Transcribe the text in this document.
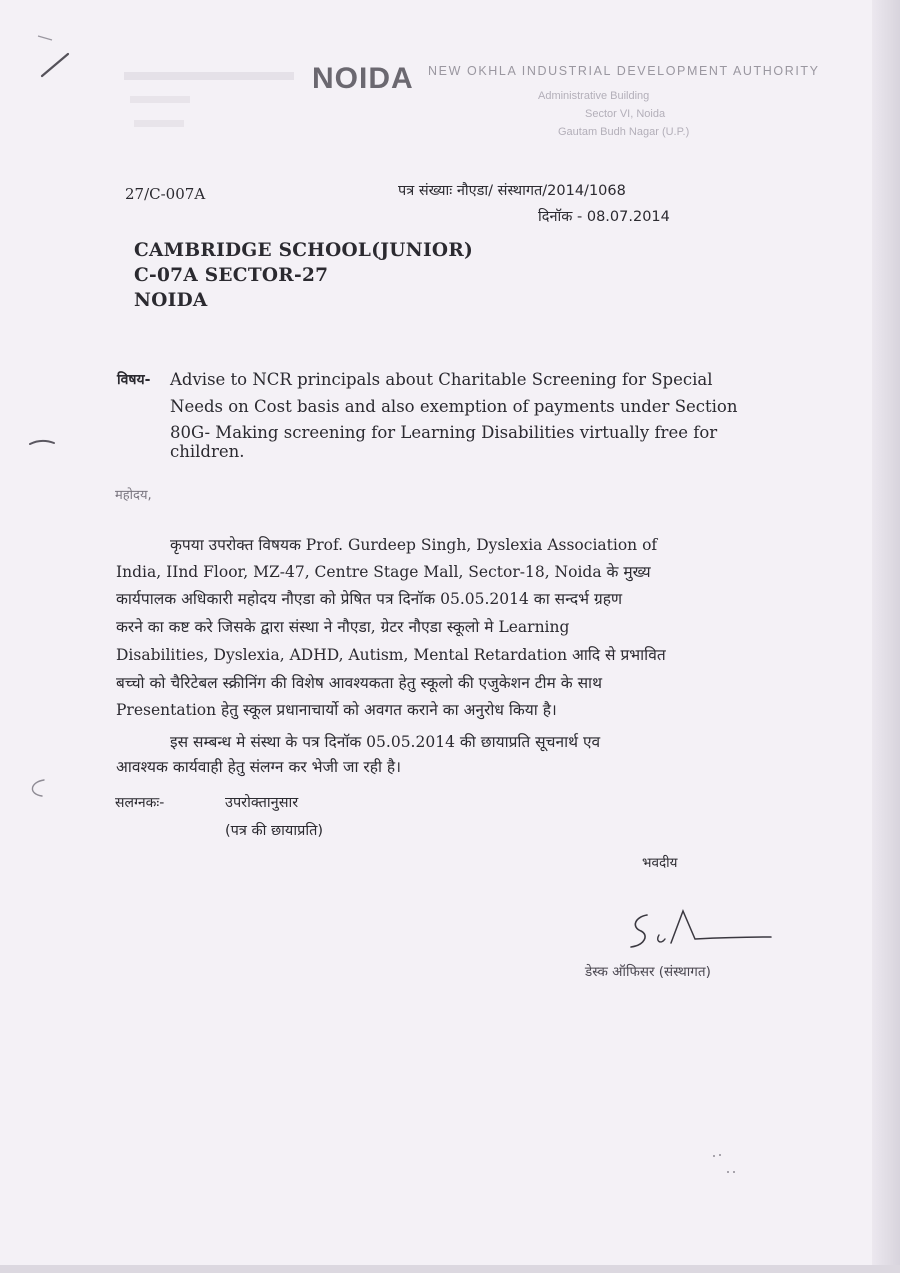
NOIDA NEW OKHLA INDUSTRIAL DEVELOPMENT AUTHORITY
Administrative Building
Sector VI, Noida
Gautam Budh Nagar (U.P.)
27/C-007A	पत्र संख्याः नौएडा/ संस्थागत/2014/1068
दिनॉक - 08.07.2014
CAMBRIDGE SCHOOL(JUNIOR)
C-07A SECTOR-27
NOIDA
विषय- Advise to NCR principals about Charitable Screening for Special
Needs on Cost basis and also exemption of payments under Section
80G- Making screening for Learning Disabilities virtually free for
children.
महोदय,
कृपया उपरोक्त विषयक Prof. Gurdeep Singh, Dyslexia Association of
India, IInd Floor, MZ-47, Centre Stage Mall, Sector-18, Noida के मुख्य
कार्यपालक अधिकारी महोदय नौएडा को प्रेषित पत्र दिनॉक 05.05.2014 का सन्दर्भ ग्रहण
करने का कष्ट करे जिसके द्वारा संस्था ने नौएडा, ग्रेटर नौएडा स्कूलो मे Learning
Disabilities, Dyslexia, ADHD, Autism, Mental Retardation आदि से प्रभावित
बच्चो को चैरिटेबल स्क्रीनिंग की विशेष आवश्यकता हेतु स्कूलो की एजुकेशन टीम के साथ
Presentation हेतु स्कूल प्रधानाचार्यो को अवगत कराने का अनुरोध किया है।
इस सम्बन्ध मे संस्था के पत्र दिनॉक 05.05.2014 की छायाप्रति सूचनार्थ एव
आवश्यक कार्यवाही हेतु संलग्न कर भेजी जा रही है।
सलग्नकः-	उपरोक्तानुसार
(पत्र की छायाप्रति)
भवदीय
डेस्क ऑफिसर (संस्थागत)
